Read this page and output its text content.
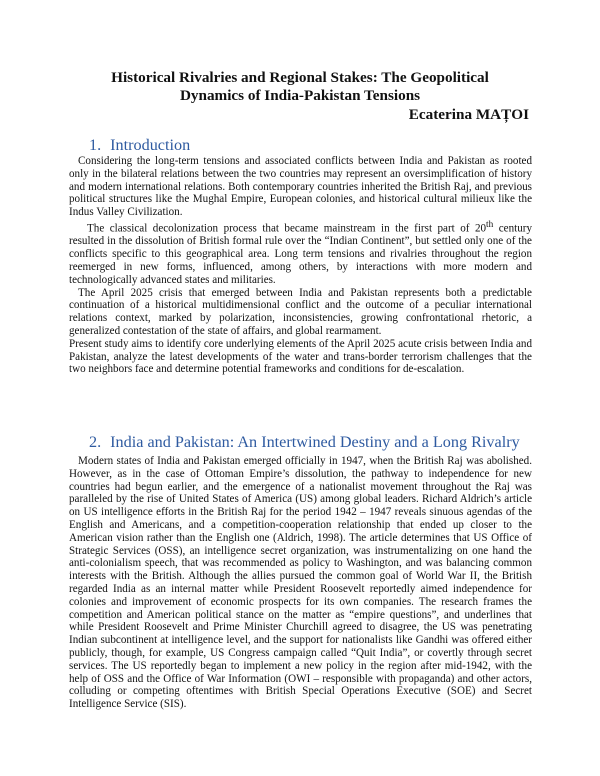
Historical Rivalries and Regional Stakes: The Geopolitical
Dynamics of India-Pakistan Tensions
Ecaterina MAȚOI
1. Introduction

Considering the long-term tensions and associated conflicts between India and Pakistan as rooted only in the bilateral relations between the two countries may represent an oversimplification of history and modern international relations. Both contemporary countries inherited the British Raj, and previous political structures like the Mughal Empire, European colonies, and historical cultural milieux like the Indus Valley Civilization.

The classical decolonization process that became mainstream in the first part of 20th century resulted in the dissolution of British formal rule over the “Indian Continent”, but settled only one of the conflicts specific to this geographical area. Long term tensions and rivalries throughout the region reemerged in new forms, influenced, among others, by interactions with more modern and technologically advanced states and militaries.

The April 2025 crisis that emerged between India and Pakistan represents both a predictable continuation of a historical multidimensional conflict and the outcome of a peculiar international relations context, marked by polarization, inconsistencies, growing confrontational rhetoric, a generalized contestation of the state of affairs, and global rearmament.

Present study aims to identify core underlying elements of the April 2025 acute crisis between India and Pakistan, analyze the latest developments of the water and trans-border terrorism challenges that the two neighbors face and determine potential frameworks and conditions for de-escalation.

2. India and Pakistan: An Intertwined Destiny and a Long Rivalry

Modern states of India and Pakistan emerged officially in 1947, when the British Raj was abolished. However, as in the case of Ottoman Empire’s dissolution, the pathway to independence for new countries had begun earlier, and the emergence of a nationalist movement throughout the Raj was paralleled by the rise of United States of America (US) among global leaders. Richard Aldrich’s article on US intelligence efforts in the British Raj for the period 1942 – 1947 reveals sinuous agendas of the English and Americans, and a competition-cooperation relationship that ended up closer to the American vision rather than the English one (Aldrich, 1998). The article determines that US Office of Strategic Services (OSS), an intelligence secret organization, was instrumentalizing on one hand the anti-colonialism speech, that was recommended as policy to Washington, and was balancing common interests with the British. Although the allies pursued the common goal of World War II, the British regarded India as an internal matter while President Roosevelt reportedly aimed independence for colonies and improvement of economic prospects for its own companies. The research frames the competition and American political stance on the matter as “empire questions”, and underlines that while President Roosevelt and Prime Minister Churchill agreed to disagree, the US was penetrating Indian subcontinent at intelligence level, and the support for nationalists like Gandhi was offered either publicly, though, for example, US Congress campaign called “Quit India”, or covertly through secret services. The US reportedly began to implement a new policy in the region after mid-1942, with the help of OSS and the Office of War Information (OWI – responsible with propaganda) and other actors, colluding or competing oftentimes with British Special Operations Executive (SOE) and Secret Intelligence Service (SIS).
